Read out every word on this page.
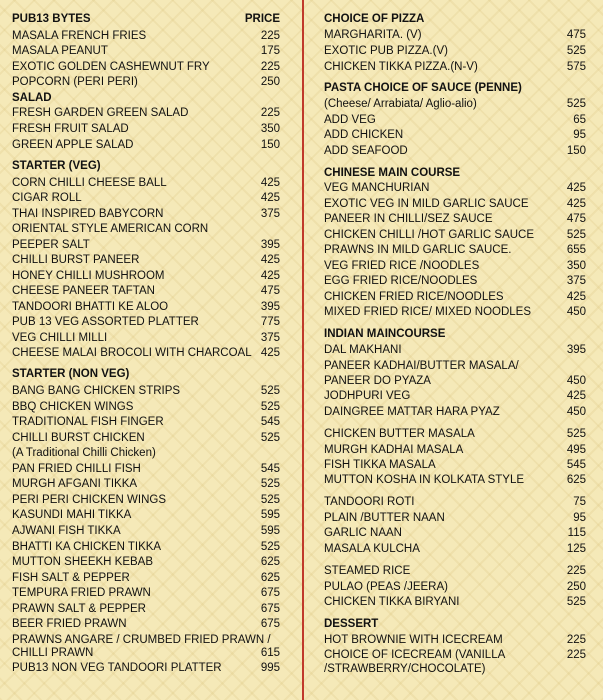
PUB13 BYTES	PRICE
MASALA FRENCH FRIES	225
MASALA PEANUT	175
EXOTIC GOLDEN CASHEWNUT FRY	225
POPCORN (PERI PERI)	250
SALAD
FRESH GARDEN GREEN SALAD	225
FRESH FRUIT SALAD	350
GREEN APPLE SALAD	150
STARTER (VEG)
CORN CHILLI CHEESE BALL	425
CIGAR ROLL	425
THAI INSPIRED BABYCORN	375
ORIENTAL STYLE AMERICAN CORN
PEEPER SALT	395
CHILLI BURST PANEER	425
HONEY CHILLI MUSHROOM	425
CHEESE PANEER TAFTAN	475
TANDOORI BHATTI KE ALOO	395
PUB 13 VEG ASSORTED PLATTER	775
VEG CHILLI MILLI	375
CHEESE MALAI BROCOLI WITH CHARCOAL 425
STARTER (NON VEG)
BANG BANG CHICKEN STRIPS	525
BBQ CHICKEN WINGS	525
TRADITIONAL FISH FINGER	545
CHILLI BURST CHICKEN	525
(A Traditional Chilli Chicken)
PAN FRIED CHILLI FISH	545
MURGH AFGANI TIKKA	525
PERI PERI CHICKEN WINGS	525
KASUNDI MAHI TIKKA	595
AJWANI FISH TIKKA	595
BHATTI KA CHICKEN TIKKA	525
MUTTON SHEEKH KEBAB	625
FISH SALT & PEPPER	625
TEMPURA FRIED PRAWN	675
PRAWN SALT & PEPPER	675
BEER FRIED PRAWN	675
PRAWNS ANGARE / CRUMBED FRIED PRAWN /
CHILLI PRAWN	615
PUB13 NON VEG TANDOORI PLATTER	995
CHOICE OF PIZZA
MARGHARITA. (V)	475
EXOTIC PUB PIZZA.(V)	525
CHICKEN TIKKA PIZZA.(N-V)	575
PASTA CHOICE OF SAUCE (PENNE)
(Cheese/ Arrabiata/ Aglio-alio)	525
ADD VEG	65
ADD CHICKEN	95
ADD SEAFOOD	150
CHINESE MAIN COURSE
VEG MANCHURIAN	425
EXOTIC VEG IN MILD GARLIC SAUCE	425
PANEER IN CHILLI/SEZ SAUCE	475
CHICKEN CHILLI /HOT GARLIC SAUCE	525
PRAWNS IN MILD GARLIC SAUCE.	655
VEG FRIED RICE /NOODLES	350
EGG FRIED RICE/NOODLES	375
CHICKEN FRIED RICE/NOODLES	425
MIXED FRIED RICE/ MIXED NOODLES	450
INDIAN MAINCOURSE
DAL MAKHANI	395
PANEER KADHAI/BUTTER MASALA/
PANEER DO PYAZA	450
JODHPURI VEG	425
DAINGREE MATTAR HARA PYAZ	450
CHICKEN BUTTER MASALA	525
MURGH KADHAI MASALA	495
FISH TIKKA MASALA	545
MUTTON KOSHA IN KOLKATA STYLE	625
TANDOORI ROTI	75
PLAIN /BUTTER NAAN	95
GARLIC NAAN	115
MASALA KULCHA	125
STEAMED RICE	225
PULAO (PEAS /JEERA)	250
CHICKEN TIKKA BIRYANI	525
DESSERT
HOT BROWNIE WITH ICECREAM	225
CHOICE OF ICECREAM (VANILLA	225
/STRAWBERRY/CHOCOLATE)
